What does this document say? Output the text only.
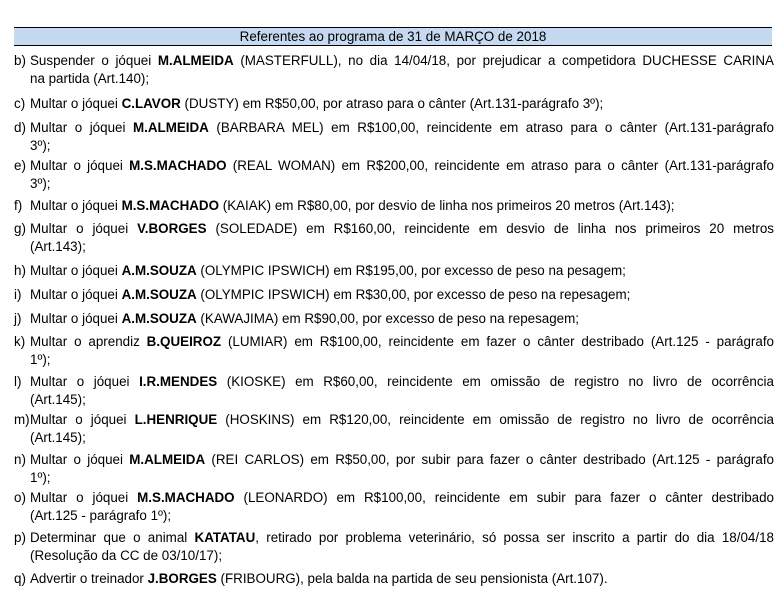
Referentes ao programa de 31 de MARÇO de 2018
b) Suspender o jóquei M.ALMEIDA (MASTERFULL), no dia 14/04/18, por prejudicar a competidora DUCHESSE CARINA
na partida (Art.140);
c) Multar o jóquei C.LAVOR (DUSTY) em R$50,00, por atraso para o cânter (Art.131-parágrafo 3º);
d) Multar o jóquei M.ALMEIDA (BARBARA MEL) em R$100,00, reincidente em atraso para o cânter (Art.131-parágrafo
3º);
e) Multar o jóquei M.S.MACHADO (REAL WOMAN) em R$200,00, reincidente em atraso para o cânter (Art.131-parágrafo
3º);
f) Multar o jóquei M.S.MACHADO (KAIAK) em R$80,00, por desvio de linha nos primeiros 20 metros (Art.143);
g) Multar o jóquei V.BORGES (SOLEDADE) em R$160,00, reincidente em desvio de linha nos primeiros 20 metros
(Art.143);
h) Multar o jóquei A.M.SOUZA (OLYMPIC IPSWICH) em R$195,00, por excesso de peso na pesagem;
i) Multar o jóquei A.M.SOUZA (OLYMPIC IPSWICH) em R$30,00, por excesso de peso na repesagem;
j) Multar o jóquei A.M.SOUZA (KAWAJIMA) em R$90,00, por excesso de peso na repesagem;
k) Multar o aprendiz B.QUEIROZ (LUMIAR) em R$100,00, reincidente em fazer o cânter destribado (Art.125 - parágrafo
1º);
l) Multar o jóquei I.R.MENDES (KIOSKE) em R$60,00, reincidente em omissão de registro no livro de ocorrência
(Art.145);
m)Multar o jóquei L.HENRIQUE (HOSKINS) em R$120,00, reincidente em omissão de registro no livro de ocorrência
(Art.145);
n) Multar o jóquei M.ALMEIDA (REI CARLOS) em R$50,00, por subir para fazer o cânter destribado (Art.125 - parágrafo
1º);
o) Multar o jóquei M.S.MACHADO (LEONARDO) em R$100,00, reincidente em subir para fazer o cânter destribado
(Art.125 - parágrafo 1º);
p) Determinar que o animal KATATAU, retirado por problema veterinário, só possa ser inscrito a partir do dia 18/04/18
(Resolução da CC de 03/10/17);
q) Advertir o treinador J.BORGES (FRIBOURG), pela balda na partida de seu pensionista (Art.107).
